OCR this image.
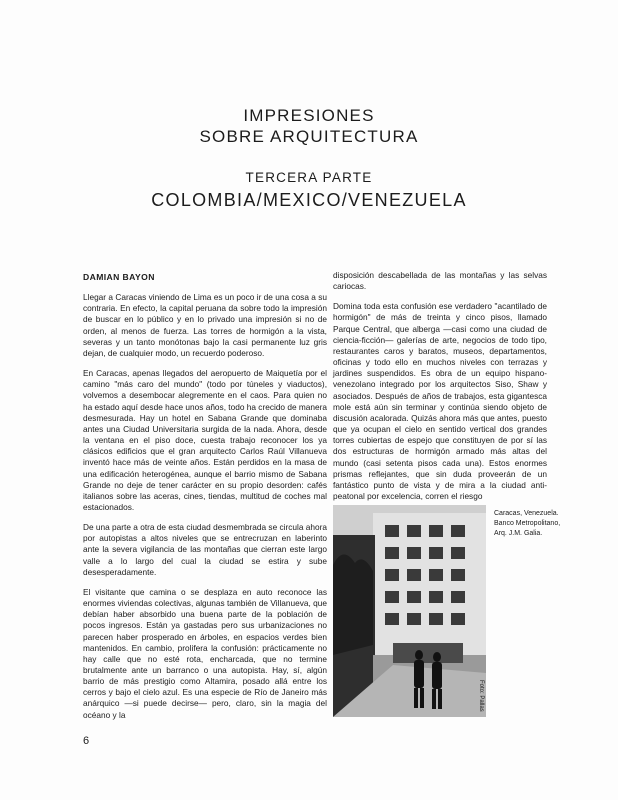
IMPRESIONES
SOBRE ARQUITECTURA
TERCERA PARTE
COLOMBIA/MEXICO/VENEZUELA

DAMIAN BAYON

Llegar a Caracas viniendo de Lima es un poco ir de una cosa a su contraria. En efecto, la capital peruana da sobre todo la impresión de buscar en lo público y en lo privado una impresión si no de orden, al menos de fuerza. Las torres de hormigón a la vista, severas y un tanto monótonas bajo la casi permanente luz gris dejan, de cualquier modo, un recuerdo poderoso.

En Caracas, apenas llegados del aeropuerto de Maiquetía por el camino "más caro del mundo" (todo por túneles y viaductos), volvemos a desembocar alegremente en el caos. Para quien no ha estado aquí desde hace unos años, todo ha crecido de manera desmesurada. Hay un hotel en Sabana Grande que dominaba antes una Ciudad Universitaria surgida de la nada. Ahora, desde la ventana en el piso doce, cuesta trabajo reconocer los ya clásicos edificios que el gran arquitecto Carlos Raúl Villanueva inventó hace más de veinte años. Están perdidos en la masa de una edificación heterogénea, aunque el barrio mismo de Sabana Grande no deje de tener carácter en su propio desorden: cafés italianos sobre las aceras, cines, tiendas, multitud de coches mal estacionados.

De una parte a otra de esta ciudad desmembrada se circula ahora por autopistas a altos niveles que se entrecruzan en laberinto ante la severa vigilancia de las montañas que cierran este largo valle a lo largo del cual la ciudad se estira y sube desesperadamente.

El visitante que camina o se desplaza en auto reconoce las enormes viviendas colectivas, algunas también de Villanueva, que debían haber absorbido una buena parte de la población de pocos ingresos. Están ya gastadas pero sus urbanizaciones no parecen haber prosperado en árboles, en espacios verdes bien mantenidos. En cambio, prolifera la confusión: prácticamente no hay calle que no esté rota, encharcada, que no termine brutalmente ante un barranco o una autopista. Hay, sí, algún barrio de más prestigio como Altamira, posado allá entre los cerros y bajo el cielo azul. Es una especie de Río de Janeiro más anárquico —si puede decirse— pero, claro, sin la magia del océano y la

disposición descabellada de las montañas y las selvas cariocas.

Domina toda esta confusión ese verdadero "acantilado de hormigón" de más de treinta y cinco pisos, llamado Parque Central, que alberga —casi como una ciudad de ciencia-ficción— galerías de arte, negocios de todo tipo, restaurantes caros y baratos, museos, departamentos, oficinas y todo ello en muchos niveles con terrazas y jardines suspendidos. Es obra de un equipo hispano-venezolano integrado por los arquitectos Siso, Shaw y asociados. Después de años de trabajos, esta gigantesca mole está aún sin terminar y continúa siendo objeto de discusión acalorada. Quizás ahora más que antes, puesto que ya ocupan el cielo en sentido vertical dos grandes torres cubiertas de espejo que constituyen de por sí las dos estructuras de hormigón armado más altas del mundo (casi setenta pisos cada una). Estos enormes prismas reflejantes, que sin duda proveerán de un fantástico punto de vista y de mira a la ciudad anti-peatonal por excelencia, corren el riesgo

Caracas, Venezuela.
Banco Metropolitano,
Arq. J.M. Galia.
Foto: Pallas
6
